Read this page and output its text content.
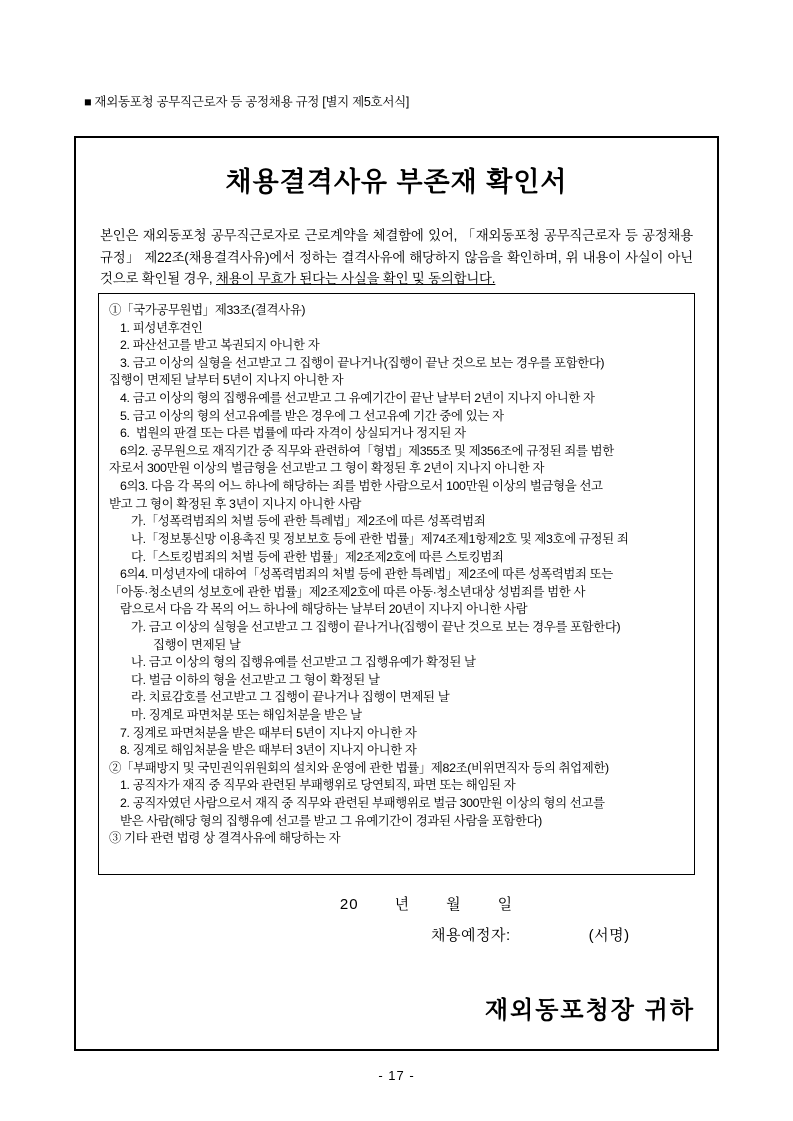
■ 재외동포청 공무직근로자 등 공정채용 규정 [별지 제5호서식]
채용결격사유 부존재 확인서
본인은 재외동포청 공무직근로자로 근로계약을 체결함에 있어, 「재외동포청 공무직근로자 등 공정채용 규정」 제22조(채용결격사유)에서 정하는 결격사유에 해당하지 않음을 확인하며, 위 내용이 사실이 아닌 것으로 확인될 경우, 채용이 무효가 된다는 사실을 확인 및 동의합니다.
①「국가공무원법」제33조(결격사유)
1. 피성년후견인
2. 파산선고를 받고 복권되지 아니한 자
3. 금고 이상의 실형을 선고받고 그 집행이 끝나거나(집행이 끝난 것으로 보는 경우를 포함한다)
집행이 면제된 날부터 5년이 지나지 아니한 자
4. 금고 이상의 형의 집행유예를 선고받고 그 유예기간이 끝난 날부터 2년이 지나지 아니한 자
5. 금고 이상의 형의 선고유예를 받은 경우에 그 선고유예 기간 중에 있는 자
6.  법원의 판결 또는 다른 법률에 따라 자격이 상실되거나 정지된 자
6의2. 공무원으로 재직기간 중 직무와 관련하여「형법」제355조 및 제356조에 규정된 죄를 범한
자로서 300만원 이상의 벌금형을 선고받고 그 형이 확정된 후 2년이 지나지 아니한 자
6의3. 다음 각 목의 어느 하나에 해당하는 죄를 범한 사람으로서 100만원 이상의 벌금형을 선고
받고 그 형이 확정된 후 3년이 지나지 아니한 사람
가.「성폭력범죄의 처벌 등에 관한 특례법」제2조에 따른 성폭력범죄
나.「정보통신망 이용촉진 및 정보보호 등에 관한 법률」제74조제1항제2호 및 제3호에 규정된 죄
다.「스토킹범죄의 처벌 등에 관한 법률」제2조제2호에 따른 스토킹범죄
6의4. 미성년자에 대하여「성폭력범죄의 처벌 등에 관한 특례법」제2조에 따른 성폭력범죄 또는
「아동·청소년의 성보호에 관한 법률」제2조제2호에 따른 아동·청소년대상 성범죄를 범한 사
람으로서 다음 각 목의 어느 하나에 해당하는 날부터 20년이 지나지 아니한 사람
가. 금고 이상의 실형을 선고받고 그 집행이 끝나거나(집행이 끝난 것으로 보는 경우를 포함한다)
집행이 면제된 날
나. 금고 이상의 형의 집행유예를 선고받고 그 집행유예가 확정된 날
다. 벌금 이하의 형을 선고받고 그 형이 확정된 날
라. 치료감호를 선고받고 그 집행이 끝나거나 집행이 면제된 날
마. 징계로 파면처분 또는 해임처분을 받은 날
7. 징계로 파면처분을 받은 때부터 5년이 지나지 아니한 자
8. 징계로 해임처분을 받은 때부터 3년이 지나지 아니한 자
②「부패방지 및 국민권익위원회의 설치와 운영에 관한 법률」제82조(비위면직자 등의 취업제한)
1. 공직자가 재직 중 직무와 관련된 부패행위로 당연퇴직, 파면 또는 해임된 자
2. 공직자였던 사람으로서 재직 중 직무와 관련된 부패행위로 벌금 300만원 이상의 형의 선고를
받은 사람(해당 형의 집행유예 선고를 받고 그 유예기간이 경과된 사람을 포함한다)
③ 기타 관련 법령 상 결격사유에 해당하는 자
20 년 월 일
채용예정자:	(서명)
재외동포청장 귀하
- 17 -
